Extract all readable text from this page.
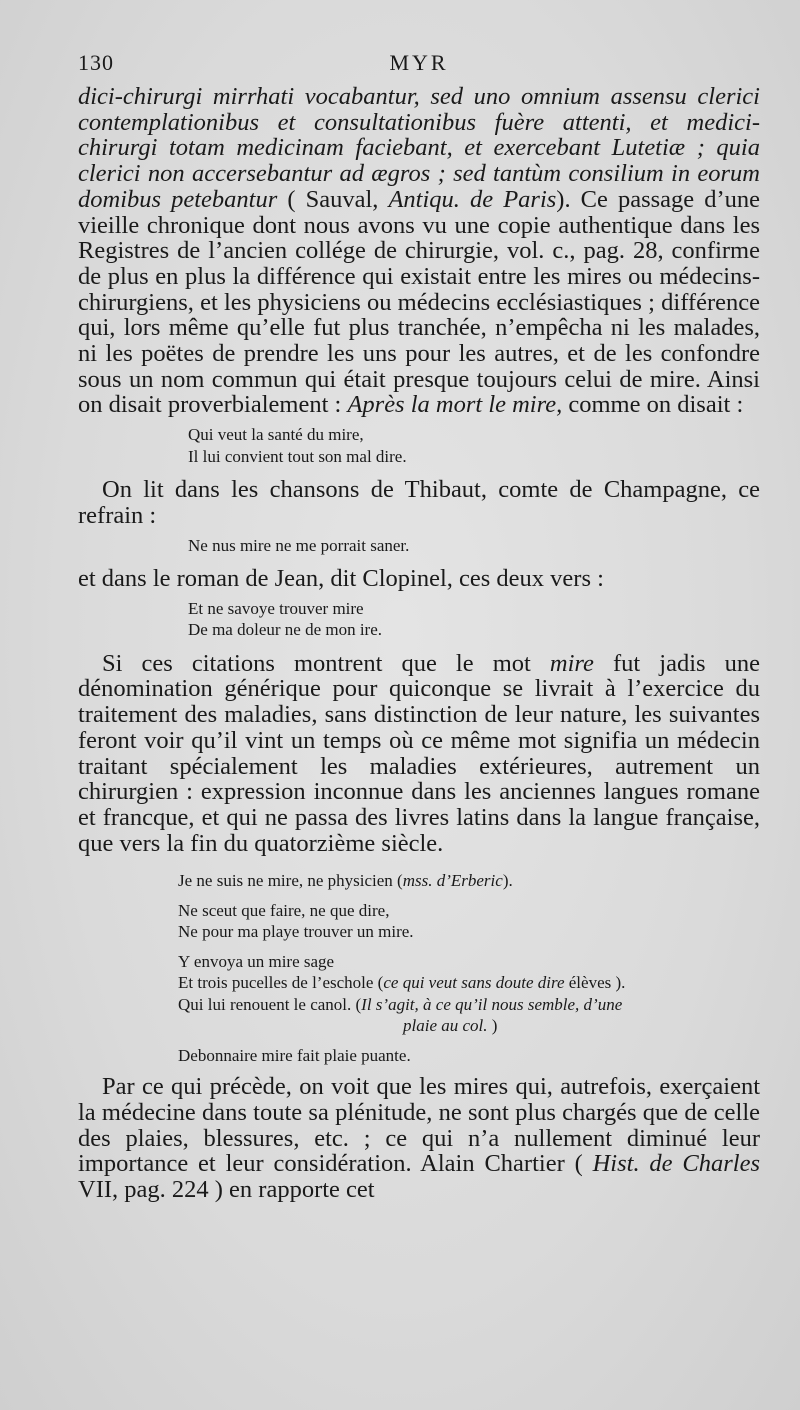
130	MYR

dici-chirurgi mirrhati vocabantur, sed uno omnium assensu clerici contemplationibus et consultationibus fuère attenti, et medici-chirurgi totam medicinam faciebant, et exercebant Lutetiæ ; quia clerici non accersebantur ad ægros ; sed tantùm consilium in eorum domibus petebantur ( Sauval, Antiqu. de Paris). Ce passage d’une vieille chronique dont nous avons vu une copie authentique dans les Registres de l’ancien collége de chirurgie, vol. c., pag. 28, confirme de plus en plus la différence qui existait entre les mires ou médecins-chirurgiens, et les physiciens ou médecins ecclésiastiques ; différence qui, lors même qu’elle fut plus tranchée, n’empêcha ni les malades, ni les poëtes de prendre les uns pour les autres, et de les confondre sous un nom commun qui était presque toujours celui de mire. Ainsi on disait proverbialement : Après la mort le mire, comme on disait :

Qui veut la santé du mire,
Il lui convient tout son mal dire.

On lit dans les chansons de Thibaut, comte de Champagne, ce refrain :

Ne nus mire ne me porrait saner.

et dans le roman de Jean, dit Clopinel, ces deux vers :

Et ne savoye trouver mire
De ma doleur ne de mon ire.

Si ces citations montrent que le mot mire fut jadis une dénomination générique pour quiconque se livrait à l’exercice du traitement des maladies, sans distinction de leur nature, les suivantes feront voir qu’il vint un temps où ce même mot signifia un médecin traitant spécialement les maladies extérieures, autrement un chirurgien : expression inconnue dans les anciennes langues romane et francque, et qui ne passa des livres latins dans la langue française, que vers la fin du quatorzième siècle.

Je ne suis ne mire, ne physicien (mss. d’Erberic).
Ne sceut que faire, ne que dire,
Ne pour ma playe trouver un mire.
Y envoya un mire sage
Et trois pucelles de l’eschole (ce qui veut sans doute dire élèves ).
Qui lui renouent le canol. (Il s’agit, à ce qu’il nous semble, d’une
plaie au col. )
Debonnaire mire fait plaie puante.

Par ce qui précède, on voit que les mires qui, autrefois, exerçaient la médecine dans toute sa plénitude, ne sont plus chargés que de celle des plaies, blessures, etc. ; ce qui n’a nullement diminué leur importance et leur considération. Alain Chartier ( Hist. de Charles VII, pag. 224 ) en rapporte cet
